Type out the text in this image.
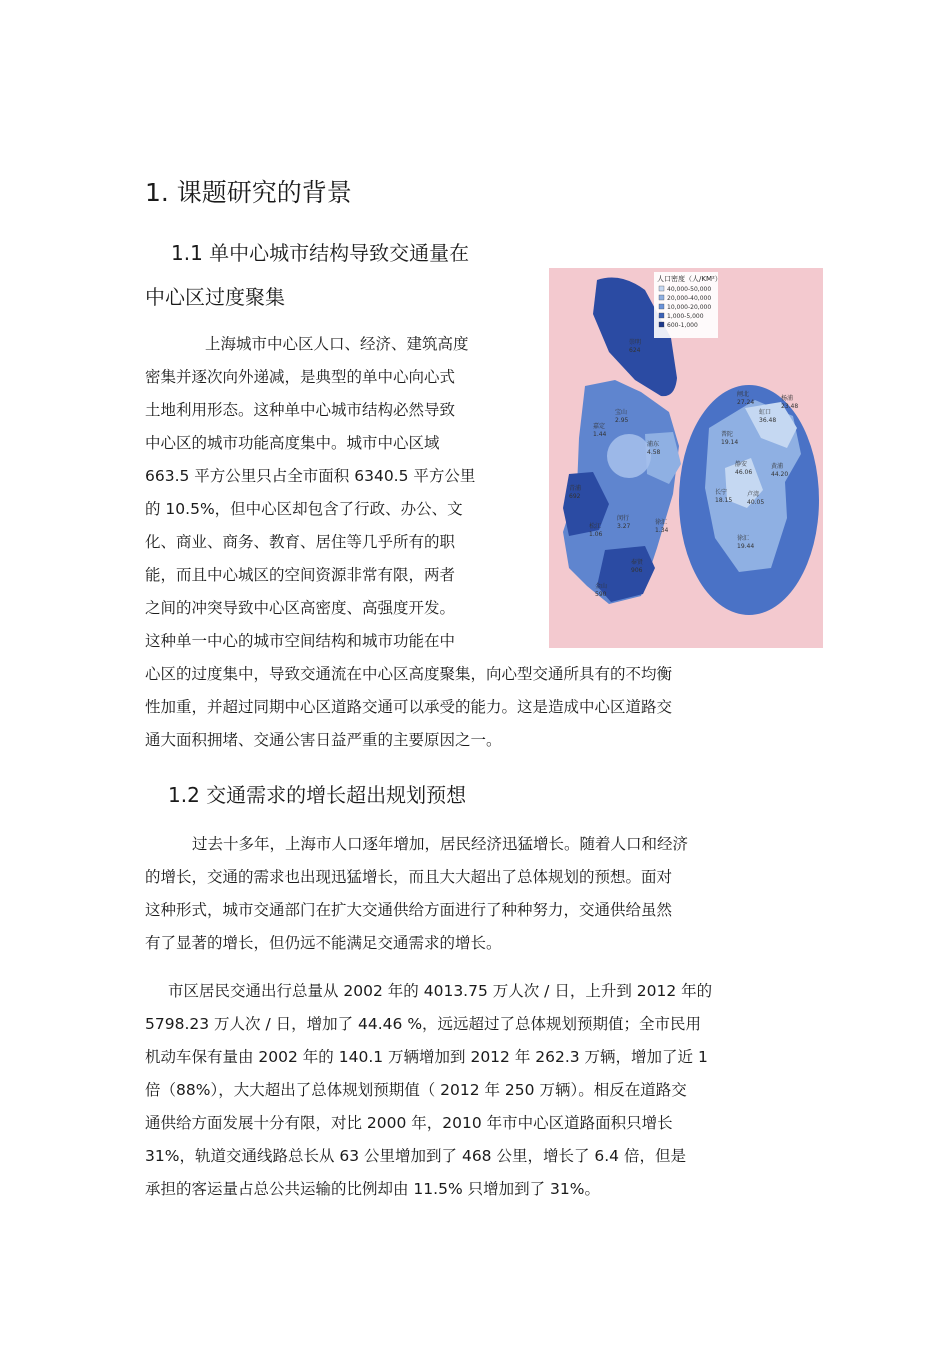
1. 课题研究的背景
1.1 单中心城市结构导致交通量在
中心区过度聚集
上海城市中心区人口、经济、建筑高度
密集并逐次向外递减，是典型的单中心向心式
土地利用形态。这种单中心城市结构必然导致
中心区的城市功能高度集中。城市中心区域
663.5 平方公里只占全市面积 6340.5 平方公里
的 10.5%，但中心区却包含了行政、办公、文
化、商业、商务、教育、居住等几乎所有的职
能，而且中心城区的空间资源非常有限，两者
之间的冲突导致中心区高密度、高强度开发。
这种单一中心的城市空间结构和城市功能在中
心区的过度集中，导致交通流在中心区高度聚集，向心型交通所具有的不均衡
性加重，并超过同期中心区道路交通可以承受的能力。这是造成中心区道路交
通大面积拥堵、交通公害日益严重的主要原因之一。
人口密度（人/KM²）
40,000-50,000
20,000-40,000
10,000-20,000
1,000-5,000
600-1,000
崇明
624
宝山
2.95
嘉定
1.44
浦东
4.58
青浦
692
松江
1.06
闵行
3.27
徐汇
1.34
奉贤
906
金山
590
闸北
27.24
虹口
36.48
杨浦
23.48
普陀
19.14
静安
46.06
黄浦
44.20
长宁
18.15
卢湾
40.05
徐汇
19.44
1.2 交通需求的增长超出规划预想
过去十多年，上海市人口逐年增加，居民经济迅猛增长。随着人口和经济
的增长，交通的需求也出现迅猛增长，而且大大超出了总体规划的预想。面对
这种形式，城市交通部门在扩大交通供给方面进行了种种努力，交通供给虽然
有了显著的增长，但仍远不能满足交通需求的增长。
市区居民交通出行总量从 2002 年的 4013.75 万人次 / 日，上升到 2012 年的
5798.23 万人次 / 日，增加了 44.46 %，远远超过了总体规划预期值；全市民用
机动车保有量由 2002 年的 140.1 万辆增加到 2012 年 262.3 万辆，增加了近 1
倍（88%），大大超出了总体规划预期值（ 2012 年 250 万辆）。相反在道路交
通供给方面发展十分有限，对比 2000 年，2010 年市中心区道路面积只增长
31%，轨道交通线路总长从 63 公里增加到了 468 公里，增长了 6.4 倍，但是
承担的客运量占总公共运输的比例却由 11.5% 只增加到了 31%。
